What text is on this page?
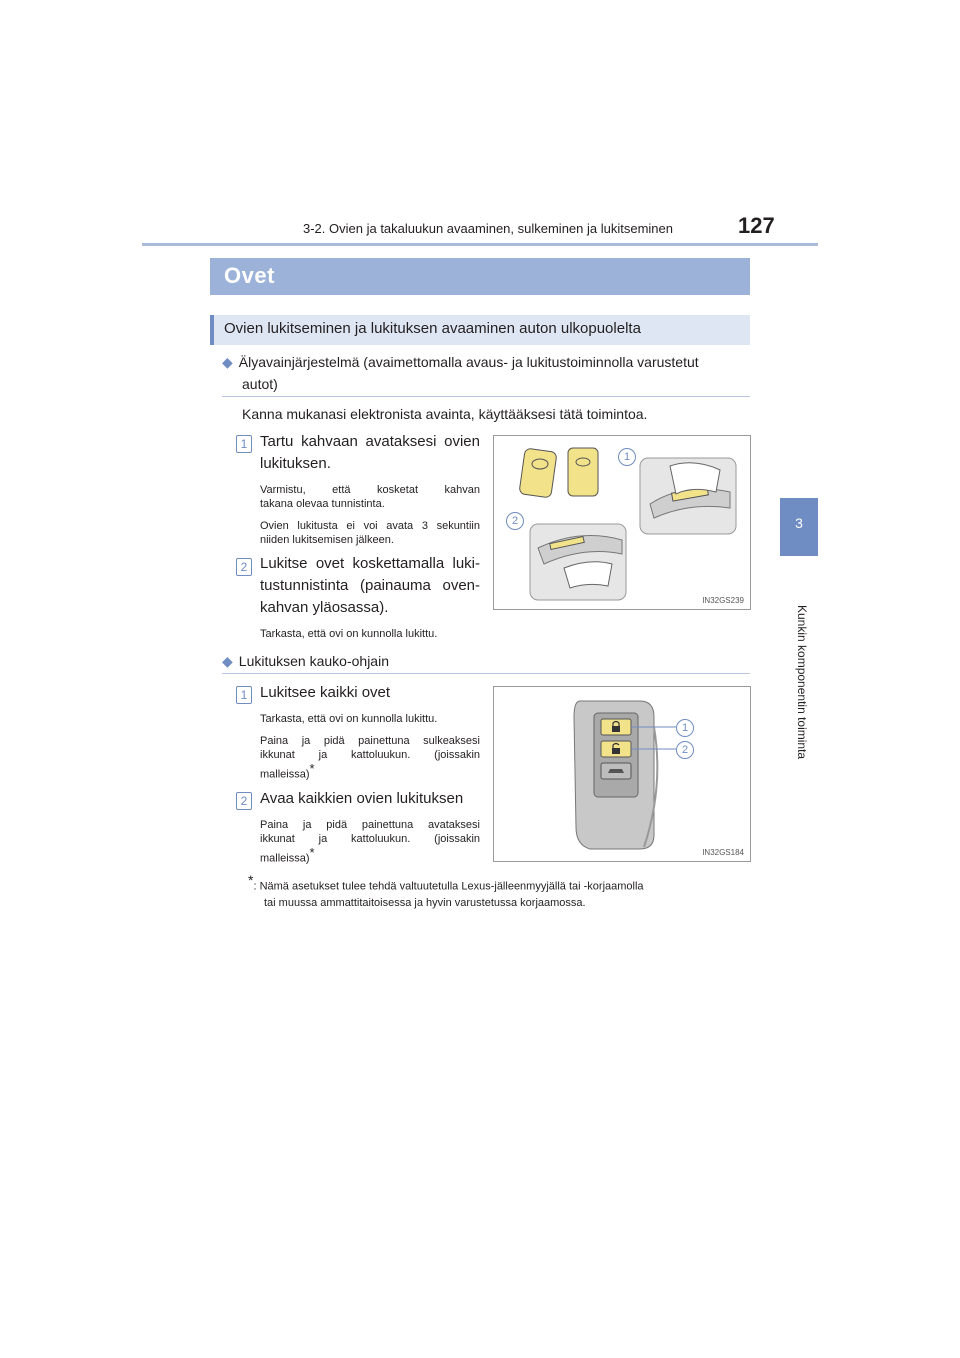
3-2. Ovien ja takaluukun avaaminen, sulkeminen ja lukitseminen	127
3
Kunkin komponentin toiminta
Ovet
Ovien lukitseminen ja lukituksen avaaminen auton ulkopuolelta
◆ Älyavainjärjestelmä (avaimettomalla avaus- ja lukitustoiminnolla varustetut
autot)
Kanna mukanasi elektronista avainta, käyttääksesi tätä toimintoa.
1 Tartu kahvaan avataksesi ovien
lukituksen.
Varmistu, että kosketat kahvan
takana olevaa tunnistinta.
Ovien lukitusta ei voi avata 3 sekuntiin
niiden lukitsemisen jälkeen.
2 Lukitse ovet koskettamalla luki-
tustunnistinta (painauma oven-
kahvan yläosassa).
Tarkasta, että ovi on kunnolla lukittu.
1
2
IN32GS239
◆ Lukituksen kauko-ohjain
1 Lukitsee kaikki ovet
Tarkasta, että ovi on kunnolla lukittu.
Paina ja pidä painettuna sulkeaksesi
ikkunat ja kattoluukun. (joissakin
malleissa)*
2 Avaa kaikkien ovien lukituksen
Paina ja pidä painettuna avataksesi
ikkunat ja kattoluukun. (joissakin
malleissa)*
1
2
IN32GS184
*: Nämä asetukset tulee tehdä valtuutetulla Lexus-jälleenmyyjällä tai -korjaamolla
tai muussa ammattitaitoisessa ja hyvin varustetussa korjaamossa.
